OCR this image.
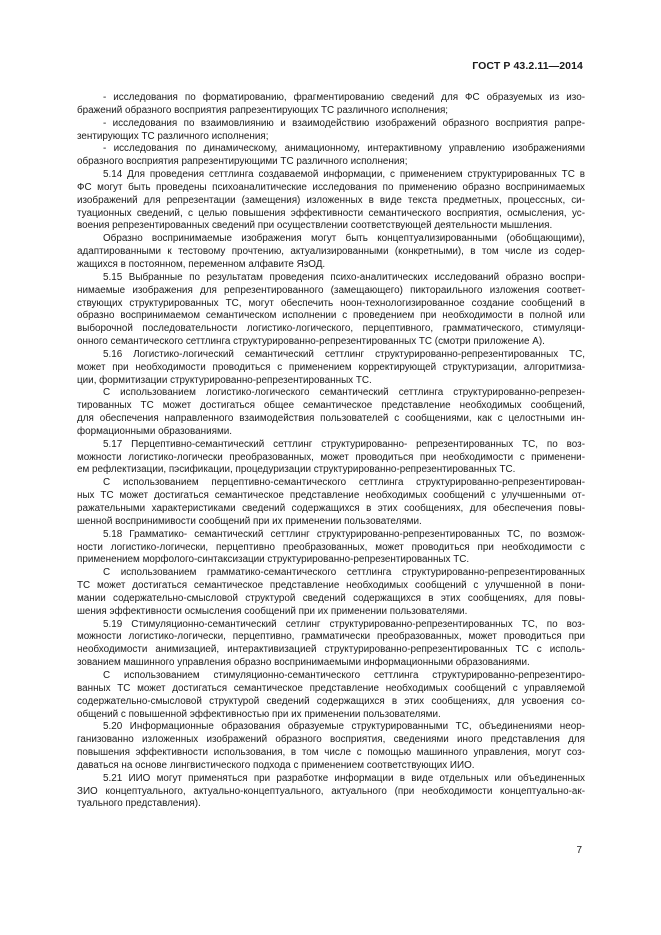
ГОСТ Р 43.2.11—2014
- исследования по форматированию, фрагментированию сведений для ФС образуемых из изо-
бражений образного восприятия рапрезентирующих ТС различного исполнения;
- исследования по взаимовлиянию и взаимодействию изображений образного восприятия рапре-
зентирующих ТС различного исполнения;
- исследования по динамическому, анимационному, интерактивному управлению изображениями
образного восприятия рапрезентирующими ТС различного исполнения;
5.14 Для проведения сеттлинга создаваемой информации, с применением структурированных ТС в
ФС могут быть проведены психоаналитические исследования по применению образно воспринимаемых
изображений для репрезентации (замещения) изложенных в виде текста предметных, процессных, си-
туационных сведений, с целью повышения эффективности семантического восприятия, осмысления, ус-
воения репрезентированных сведений при осуществлении соответствующей деятельности мышления.
Образно воспринимаемые изображения могут быть концептуализированными (обобщающими),
адаптированными к тестовому прочтению, актуализированными (конкретными), в том числе из содер-
жащихся в постоянном, переменном алфавите ЯзОД.
5.15 Выбранные по результатам проведения психо-аналитических исследований образно воспри-
нимаемые изображения для репрезентированного (замещающего) пиктораильного изложения соответ-
ствующих структурированных ТС, могут обеспечить ноон-технологизированное создание сообщений в
образно воспринимаемом семантическом исполнении с проведением при необходимости в полной или
выборочной последовательности логистико-логического, перцептивного, грамматического, стимуляци-
онного семантического сеттлинга структурированно-репрезентированных ТС (смотри приложение А).
5.16 Логистико-логический семантический сеттлинг структурированно-репрезентированных ТС,
может при необходимости проводиться с применением корректирующей структуризации, алгоритмиза-
ции, формитизации структурированно-репрезентированных ТС.
С использованием логистико-логического семантический сеттлинга структурированно-репрезен-
тированных ТС может достигаться общее семантическое представление необходимых сообщений,
для обеспечения направленного взаимодействия пользователей с сообщениями, как с целостными ин-
формационными образованиями.
5.17 Перцептивно-семантический сеттлинг структурированно- репрезентированных ТС, по воз-
можности логистико-логически преобразованных, может проводиться при необходимости с применени-
ем рефлектизации, пэсификации, процедуризации структурированно-репрезентированных ТС.
С использованием перцептивно-семантического сеттлинга структурированно-репрезентирован-
ных ТС может достигаться семантическое представление необходимых сообщений с улучшенными от-
ражательными характеристиками сведений содержащихся в этих сообщениях, для обеспечения повы-
шенной воспринимивости сообщений при их применении пользователями.
5.18 Грамматико- семантический сеттлинг структурированно-репрезентированных ТС, по возмож-
ности логистико-логически, перцептивно преобразованных, может проводиться при необходимости с
применением морфолого-синтаксизации структурированно-репрезентированных ТС.
С использованием грамматико-семантического сеттлинга структурированно-репрезентированных
ТС может достигаться семантическое представление необходимых сообщений с улучшенной в пони-
мании содержательно-смысловой структурой сведений содержащихся в этих сообщениях, для повы-
шения эффективности осмысления сообщений при их применении пользователями.
5.19 Стимуляционно-семантический сетлинг структурированно-репрезентированных ТС, по воз-
можности логистико-логически, перцептивно, грамматически преобразованных, может проводиться при
необходимости анимизацией, интерактивизацией структурированно-репрезентированных ТС с исполь-
зованием машинного управления образно воспринимаемыми информационными образованиями.
С использованием стимуляционно-семантического сеттлинга структурированно-репрезентиро-
ванных ТС может достигаться семантическое представление необходимых сообщений с управляемой
содержательно-смысловой структурой сведений содержащихся в этих сообщениях, для усвоения со-
общений с повышенной эффективностью при их применении пользователями.
5.20 Информационные образования образуемые структурированными ТС, объединениями неор-
ганизованно изложенных изображений образного восприятия, сведениями иного представления для
повышения эффективности использования, в том числе с помощью машинного управления, могут соз-
даваться на основе лингвистического подхода с применением соответствующих ИИО.
5.21 ИИО могут применяться при разработке информации в виде отдельных или объединенных
ЗИО концептуального, актуально-концептуального, актуального (при необходимости концептуально-ак-
туального представления).
7
